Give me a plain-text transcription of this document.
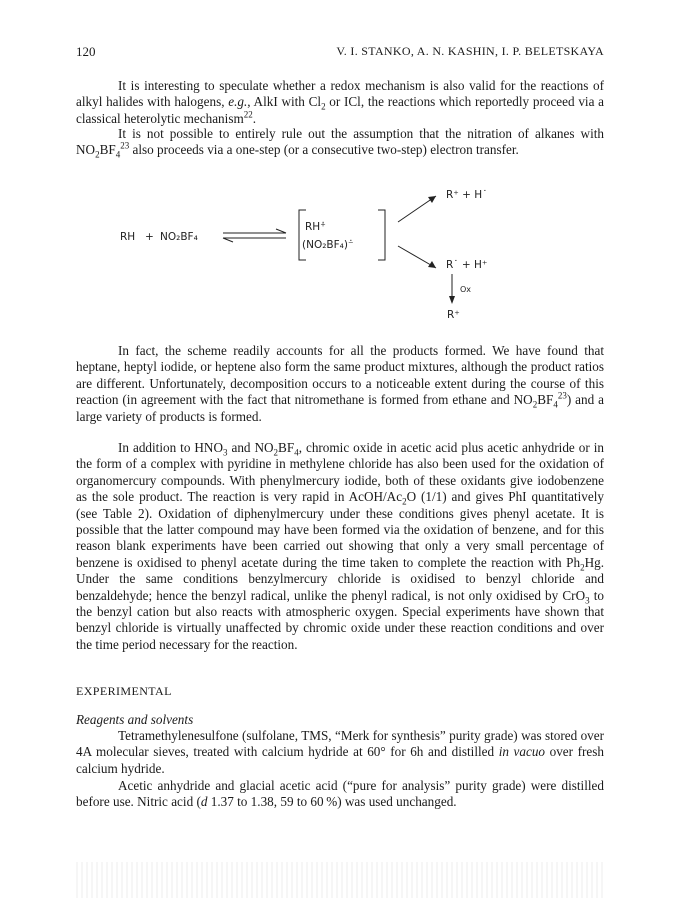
120	V. I. STANKO, A. N. KASHIN, I. P. BELETSKAYA

It is interesting to speculate whether a redox mechanism is also valid for the reactions of alkyl halides with halogens, e.g., AlkI with $Cl_2$ or ICl, the reactions which reportedly proceed via a classical heterolytic mechanism$^{22}$.

It is not possible to entirely rule out the assumption that the nitration of alkanes with $NO_2BF_4^{23}$ also proceeds via a one-step (or a consecutive two-step) electron transfer.

RH + NO₂BF₄
RH⁺̇
(NO₂BF₄)⁻̇
R⁺ + H˙
R˙ + H⁺
Ox
R⁺

In fact, the scheme readily accounts for all the products formed. We have found that heptane, heptyl iodide, or heptene also form the same product mixtures, although the product ratios are different. Unfortunately, decomposition occurs to a noticeable extent during the course of this reaction (in agreement with the fact that nitromethane is formed from ethane and $NO_2BF_4^{23}$) and a large variety of products is formed.

In addition to $HNO_3$ and $NO_2BF_4$, chromic oxide in acetic acid plus acetic anhydride or in the form of a complex with pyridine in methylene chloride has also been used for the oxidation of organomercury compounds. With phenylmercury iodide, both of these oxidants give iodobenzene as the sole product. The reaction is very rapid in AcOH/$Ac_2O$ (1/1) and gives PhI quantitatively (see Table 2). Oxidation of diphenylmercury under these conditions gives phenyl acetate. It is possible that the latter compound may have been formed via the oxidation of benzene, and for this reason blank experiments have been carried out showing that only a very small percentage of benzene is oxidised to phenyl acetate during the time taken to complete the reaction with $Ph_2Hg$. Under the same conditions benzylmercury chloride is oxidised to benzyl chloride and benzaldehyde; hence the benzyl radical, unlike the phenyl radical, is not only oxidised by CrO$_3$ to the benzyl cation but also reacts with atmospheric oxygen. Special experiments have shown that benzyl chloride is virtually unaffected by chromic oxide under these reaction conditions and over the time period necessary for the reaction.

EXPERIMENTAL
Reagents and solvents

Tetramethylenesulfone (sulfolane, TMS, “Merk for synthesis” purity grade) was stored over 4A molecular sieves, treated with calcium hydride at 60° for 6h and distilled in vacuo over fresh calcium hydride.

Acetic anhydride and glacial acetic acid (“pure for analysis” purity grade) were distilled before use. Nitric acid (d 1.37 to 1.38, 59 to 60 %) was used unchanged.
